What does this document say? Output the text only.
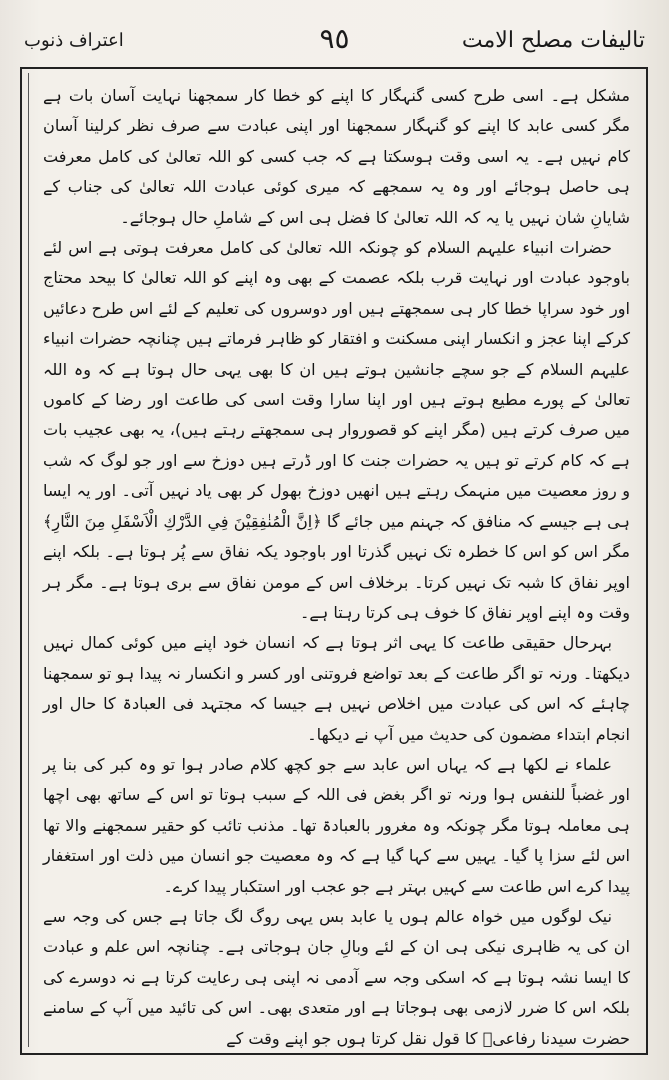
تالیفات مصلح الامت
٩٥
اعتراف ذنوب

مشکل ہے۔ اسی طرح کسی گنہگار کا اپنے کو خطا کار سمجھنا نہایت آسان بات ہے مگر کسی عابد کا اپنے کو گنہگار سمجھنا اور اپنی عبادت سے صرف نظر کرلینا آسان کام نہیں ہے۔ یہ اسی وقت ہوسکتا ہے کہ جب کسی کو اللہ تعالیٰ کی کامل معرفت ہی حاصل ہوجائے اور وہ یہ سمجھے کہ میری کوئی عبادت اللہ تعالیٰ کی جناب کے شایانِ شان نہیں یا یہ کہ اللہ تعالیٰ کا فضل ہی اس کے شاملِ حال ہوجائے۔

حضرات انبیاء علیہم السلام کو چونکہ اللہ تعالیٰ کی کامل معرفت ہوتی ہے اس لئے باوجود عبادت اور نہایت قرب بلکہ عصمت کے بھی وہ اپنے کو اللہ تعالیٰ کا بیحد محتاج اور خود سراپا خطا کار ہی سمجھتے ہیں اور دوسروں کی تعلیم کے لئے اس طرح دعائیں کرکے اپنا عجز و انکسار اپنی مسکنت و افتقار کو ظاہر فرماتے ہیں چنانچہ حضرات انبیاء علیہم السلام کے جو سچے جانشین ہوتے ہیں ان کا بھی یہی حال ہوتا ہے کہ وہ اللہ تعالیٰ کے پورے مطیع ہوتے ہیں اور اپنا سارا وقت اسی کی طاعت اور رضا کے کاموں میں صرف کرتے ہیں (مگر اپنے کو قصوروار ہی سمجھتے رہتے ہیں)، یہ بھی عجیب بات ہے کہ کام کرتے تو ہیں یہ حضرات جنت کا اور ڈرتے ہیں دوزخ سے اور جو لوگ کہ شب و روز معصیت میں منہمک رہتے ہیں انھیں دوزخ بھول کر بھی یاد نہیں آتی۔ اور یہ ایسا ہی ہے جیسے کہ منافق کہ جہنم میں جائے گا ﴿اِنَّ الْمُنٰفِقِيْنَ فِي الدَّرْكِ الْاَسْفَلِ مِنَ النَّارِ﴾ مگر اس کو اس کا خطرہ تک نہیں گذرتا اور باوجود یکہ نفاق سے پُر ہوتا ہے۔ بلکہ اپنے اوپر نفاق کا شبہ تک نہیں کرتا۔ برخلاف اس کے مومن نفاق سے بری ہوتا ہے۔ مگر ہر وقت وہ اپنے اوپر نفاق کا خوف ہی کرتا رہتا ہے۔

بہرحال حقیقی طاعت کا یہی اثر ہوتا ہے کہ انسان خود اپنے میں کوئی کمال نہیں دیکھتا۔ ورنہ تو اگر طاعت کے بعد تواضع فروتنی اور کسر و انکسار نہ پیدا ہو تو سمجھنا چاہئے کہ اس کی عبادت میں اخلاص نہیں ہے جیسا کہ مجتہد فی العبادۃ کا حال اور انجام ابتداء مضمون کی حدیث میں آپ نے دیکھا۔

علماء نے لکھا ہے کہ یہاں اس عابد سے جو کچھ کلام صادر ہوا تو وہ کبر کی بنا پر اور غضباً للنفس ہوا ورنہ تو اگر بغض فی اللہ کے سبب ہوتا تو اس کے ساتھ بھی اچھا ہی معاملہ ہوتا مگر چونکہ وہ مغرور بالعبادۃ تھا۔ مذنب تائب کو حقیر سمجھنے والا تھا اس لئے سزا پا گیا۔ یہیں سے کہا گیا ہے کہ وہ معصیت جو انسان میں ذلت اور استغفار پیدا کرے اس طاعت سے کہیں بہتر ہے جو عجب اور استکبار پیدا کرے۔

نیک لوگوں میں خواہ عالم ہوں یا عابد بس یہی روگ لگ جاتا ہے جس کی وجہ سے ان کی یہ ظاہری نیکی ہی ان کے لئے وبالِ جان ہوجاتی ہے۔ چنانچہ اس علم و عبادت کا ایسا نشہ ہوتا ہے کہ اسکی وجہ سے آدمی نہ اپنی ہی رعایت کرتا ہے نہ دوسرے کی بلکہ اس کا ضرر لازمی بھی ہوجاتا ہے اور متعدی بھی۔ اس کی تائید میں آپ کے سامنے حضرت سیدنا رفاعیؒ کا قول نقل کرتا ہوں جو اپنے وقت کے
